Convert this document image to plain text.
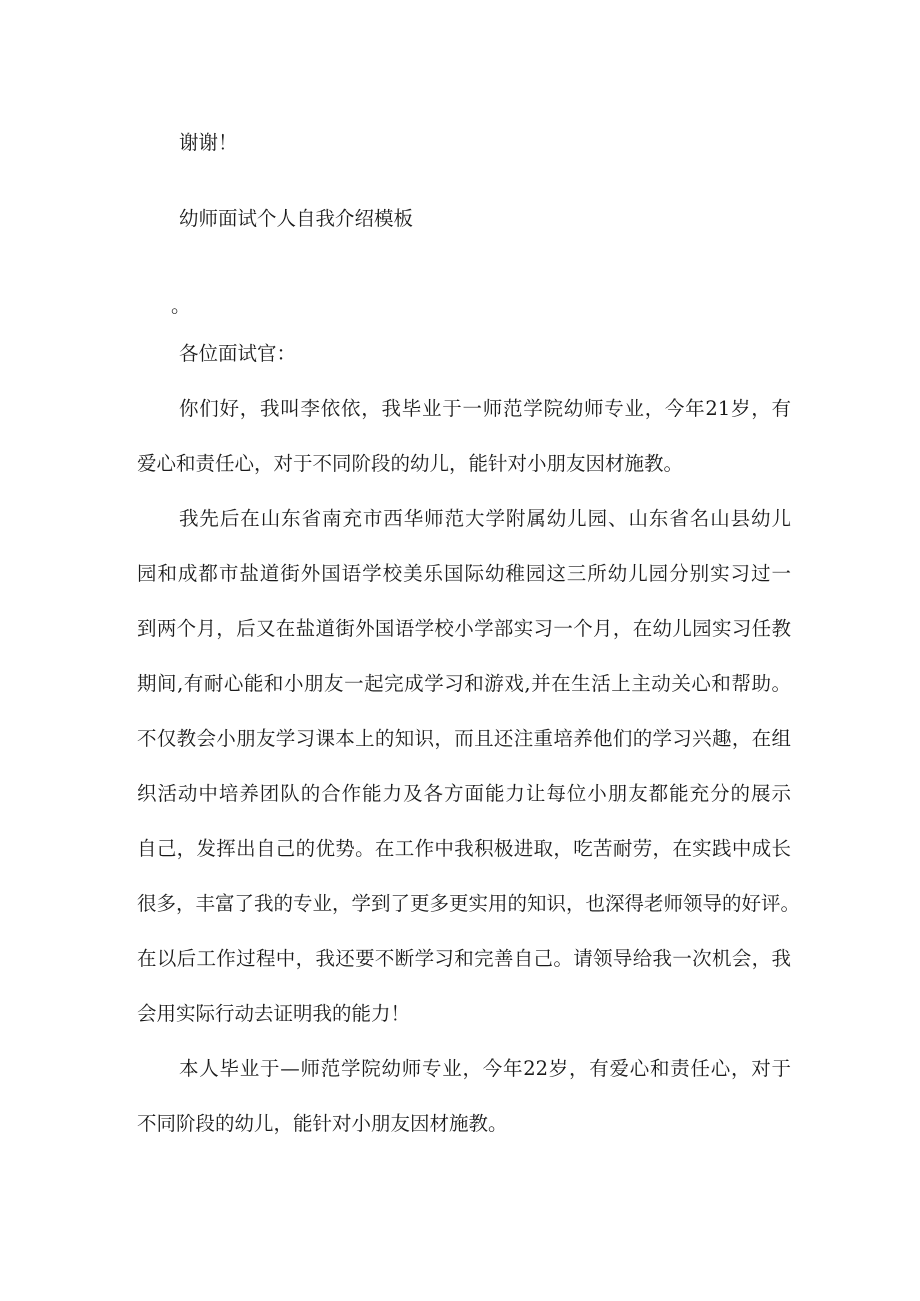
谢谢！

幼师面试个人自我介绍模板

。

各位面试官：

你们好，我叫李依依，我毕业于一师范学院幼师专业，今年21岁，有

爱心和责任心，对于不同阶段的幼儿，能针对小朋友因材施教。

我先后在山东省南充市西华师范大学附属幼儿园、山东省名山县幼儿

园和成都市盐道街外国语学校美乐国际幼稚园这三所幼儿园分别实习过一

到两个月，后又在盐道街外国语学校小学部实习一个月，在幼儿园实习任教

期间,有耐心能和小朋友一起完成学习和游戏,并在生活上主动关心和帮助。

不仅教会小朋友学习课本上的知识，而且还注重培养他们的学习兴趣，在组

织活动中培养团队的合作能力及各方面能力让每位小朋友都能充分的展示

自己，发挥出自己的优势。在工作中我积极进取，吃苦耐劳，在实践中成长

很多，丰富了我的专业，学到了更多更实用的知识，也深得老师领导的好评。

在以后工作过程中，我还要不断学习和完善自己。请领导给我一次机会，我

会用实际行动去证明我的能力！

本人毕业于—师范学院幼师专业，今年22岁，有爱心和责任心，对于

不同阶段的幼儿，能针对小朋友因材施教。
